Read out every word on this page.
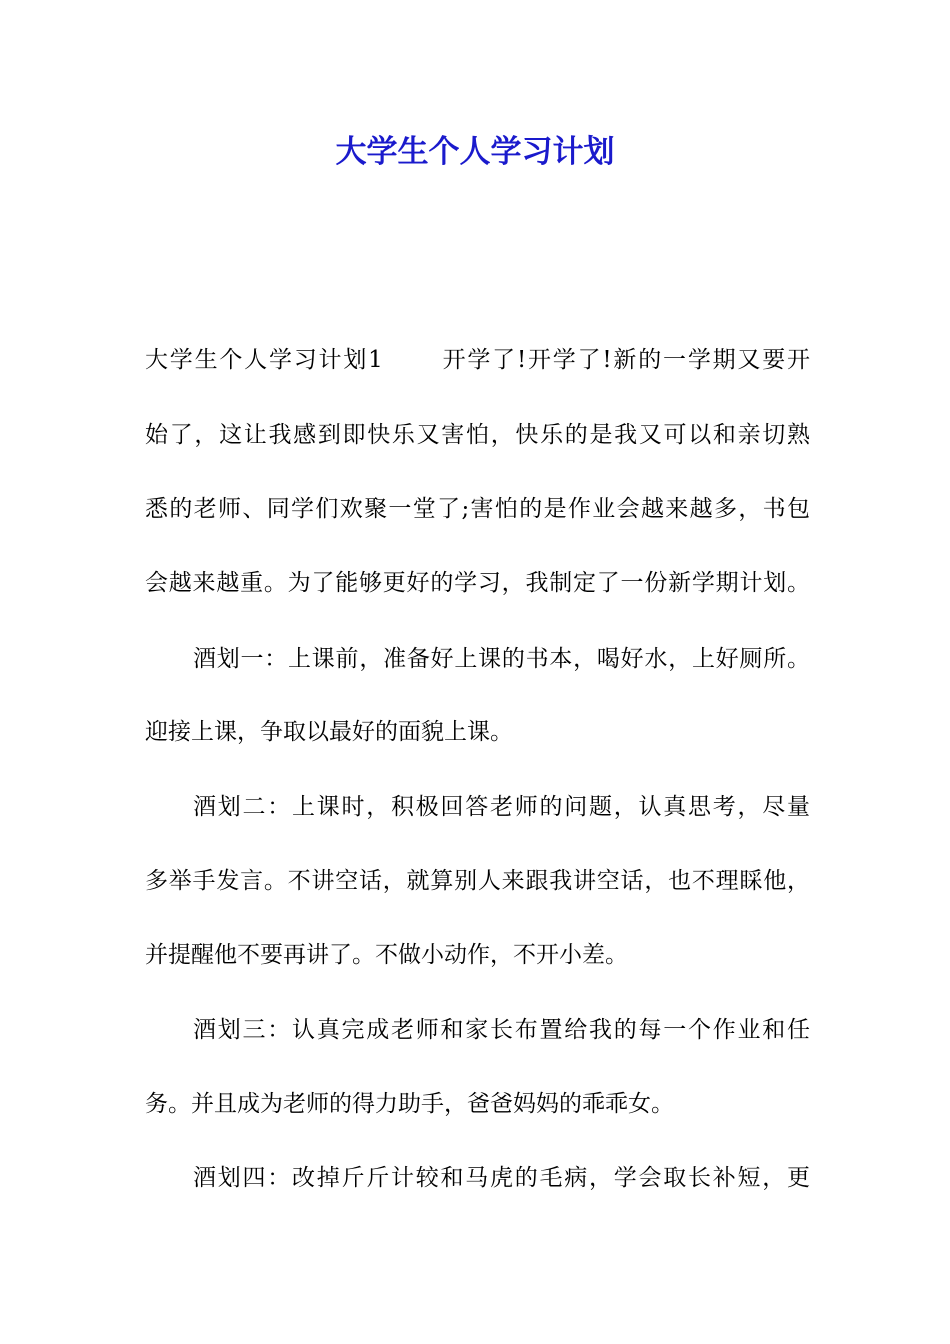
大学生个人学习计划
大学生个人学习计划1	开学了!开学了!新的一学期又要开
始了，这让我感到即快乐又害怕，快乐的是我又可以和亲切熟
悉的老师、同学们欢聚一堂了;害怕的是作业会越来越多，书包
会越来越重。为了能够更好的学习，我制定了一份新学期计划。
酒划一：上课前，准备好上课的书本，喝好水，上好厕所。
迎接上课，争取以最好的面貌上课。
酒划二：上课时，积极回答老师的问题，认真思考，尽量
多举手发言。不讲空话，就算别人来跟我讲空话，也不理睬他，
并提醒他不要再讲了。不做小动作，不开小差。
酒划三：认真完成老师和家长布置给我的每一个作业和任
务。并且成为老师的得力助手，爸爸妈妈的乖乖女。
酒划四：改掉斤斤计较和马虎的毛病，学会取长补短，更
